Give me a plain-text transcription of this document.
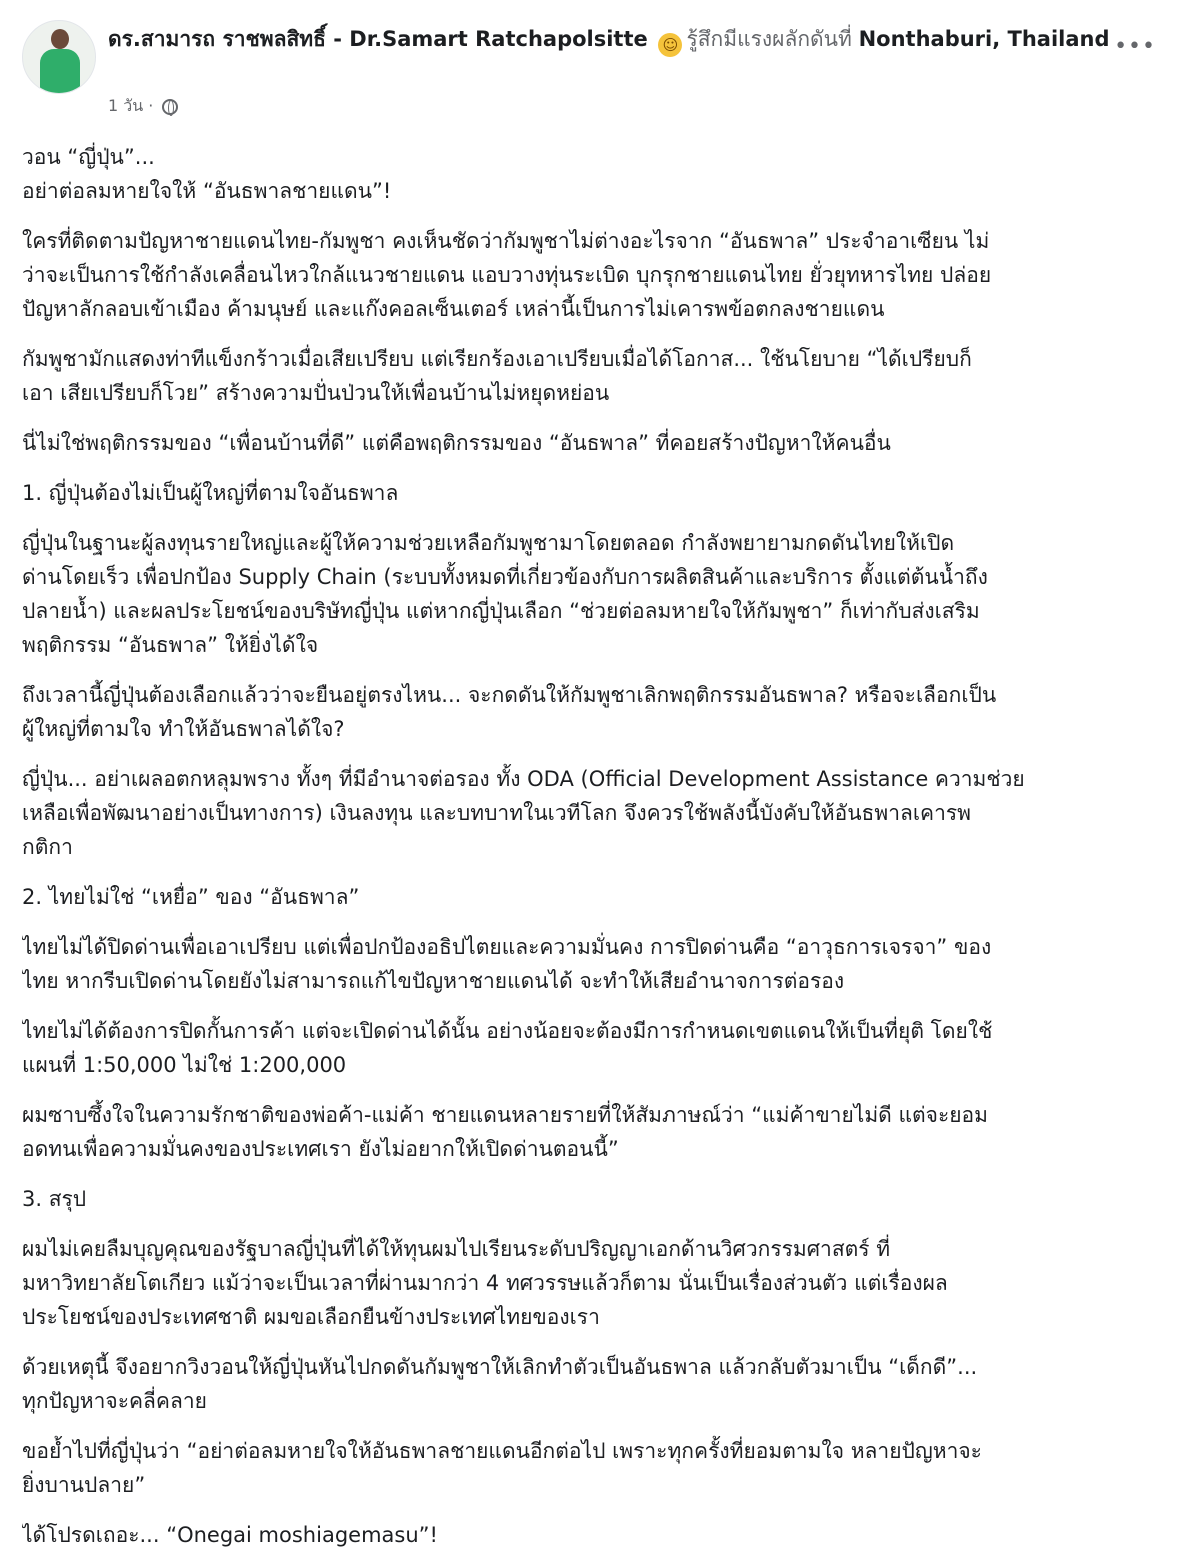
ดร.สามารถ ราชพลสิทธิ์ - Dr.Samart Ratchapolsitte ☺ รู้สึกมีแรงผลักดันที่ Nonthaburi, Thailand
1 วัน ·
•••
วอน “ญี่ปุ่น”...
อย่าต่อลมหายใจให้ “อันธพาลชายแดน”!
ใครที่ติดตามปัญหาชายแดนไทย-กัมพูชา คงเห็นชัดว่ากัมพูชาไม่ต่างอะไรจาก “อันธพาล” ประจำอาเซียน ไม่
ว่าจะเป็นการใช้กำลังเคลื่อนไหวใกล้แนวชายแดน แอบวางทุ่นระเบิด บุกรุกชายแดนไทย ยั่วยุทหารไทย ปล่อย
ปัญหาลักลอบเข้าเมือง ค้ามนุษย์ และแก๊งคอลเซ็นเตอร์ เหล่านี้เป็นการไม่เคารพข้อตกลงชายแดน
กัมพูชามักแสดงท่าทีแข็งกร้าวเมื่อเสียเปรียบ แต่เรียกร้องเอาเปรียบเมื่อได้โอกาส... ใช้นโยบาย “ได้เปรียบก็
เอา เสียเปรียบก็โวย” สร้างความปั่นป่วนให้เพื่อนบ้านไม่หยุดหย่อน
นี่ไม่ใช่พฤติกรรมของ “เพื่อนบ้านที่ดี” แต่คือพฤติกรรมของ “อันธพาล” ที่คอยสร้างปัญหาให้คนอื่น
1. ญี่ปุ่นต้องไม่เป็นผู้ใหญ่ที่ตามใจอันธพาล
ญี่ปุ่นในฐานะผู้ลงทุนรายใหญ่และผู้ให้ความช่วยเหลือกัมพูชามาโดยตลอด กำลังพยายามกดดันไทยให้เปิด
ด่านโดยเร็ว เพื่อปกป้อง Supply Chain (ระบบทั้งหมดที่เกี่ยวข้องกับการผลิตสินค้าและบริการ ตั้งแต่ต้นน้ำถึง
ปลายน้ำ) และผลประโยชน์ของบริษัทญี่ปุ่น แต่หากญี่ปุ่นเลือก “ช่วยต่อลมหายใจให้กัมพูชา” ก็เท่ากับส่งเสริม
พฤติกรรม “อันธพาล” ให้ยิ่งได้ใจ
ถึงเวลานี้ญี่ปุ่นต้องเลือกแล้วว่าจะยืนอยู่ตรงไหน... จะกดดันให้กัมพูชาเลิกพฤติกรรมอันธพาล? หรือจะเลือกเป็น
ผู้ใหญ่ที่ตามใจ ทำให้อันธพาลได้ใจ?
ญี่ปุ่น... อย่าเผลอตกหลุมพราง ทั้งๆ ที่มีอำนาจต่อรอง ทั้ง ODA (Official Development Assistance ความช่วย
เหลือเพื่อพัฒนาอย่างเป็นทางการ) เงินลงทุน และบทบาทในเวทีโลก จึงควรใช้พลังนี้บังคับให้อันธพาลเคารพ
กติกา
2. ไทยไม่ใช่ “เหยื่อ” ของ “อันธพาล”
ไทยไม่ได้ปิดด่านเพื่อเอาเปรียบ แต่เพื่อปกป้องอธิปไตยและความมั่นคง การปิดด่านคือ “อาวุธการเจรจา” ของ
ไทย หากรีบเปิดด่านโดยยังไม่สามารถแก้ไขปัญหาชายแดนได้ จะทำให้เสียอำนาจการต่อรอง
ไทยไม่ได้ต้องการปิดกั้นการค้า แต่จะเปิดด่านได้นั้น อย่างน้อยจะต้องมีการกำหนดเขตแดนให้เป็นที่ยุติ โดยใช้
แผนที่ 1:50,000 ไม่ใช่ 1:200,000
ผมซาบซึ้งใจในความรักชาติของพ่อค้า-แม่ค้า ชายแดนหลายรายที่ให้สัมภาษณ์ว่า “แม่ค้าขายไม่ดี แต่จะยอม
อดทนเพื่อความมั่นคงของประเทศเรา ยังไม่อยากให้เปิดด่านตอนนี้”
3. สรุป
ผมไม่เคยลืมบุญคุณของรัฐบาลญี่ปุ่นที่ได้ให้ทุนผมไปเรียนระดับปริญญาเอกด้านวิศวกรรมศาสตร์ ที่
มหาวิทยาลัยโตเกียว แม้ว่าจะเป็นเวลาที่ผ่านมากว่า 4 ทศวรรษแล้วก็ตาม นั่นเป็นเรื่องส่วนตัว แต่เรื่องผล
ประโยชน์ของประเทศชาติ ผมขอเลือกยืนข้างประเทศไทยของเรา
ด้วยเหตุนี้ จึงอยากวิงวอนให้ญี่ปุ่นหันไปกดดันกัมพูชาให้เลิกทำตัวเป็นอันธพาล แล้วกลับตัวมาเป็น “เด็กดี”...
ทุกปัญหาจะคลี่คลาย
ขอย้ำไปที่ญี่ปุ่นว่า “อย่าต่อลมหายใจให้อันธพาลชายแดนอีกต่อไป เพราะทุกครั้งที่ยอมตามใจ หลายปัญหาจะ
ยิ่งบานปลาย”
ได้โปรดเถอะ... “Onegai moshiagemasu”!
